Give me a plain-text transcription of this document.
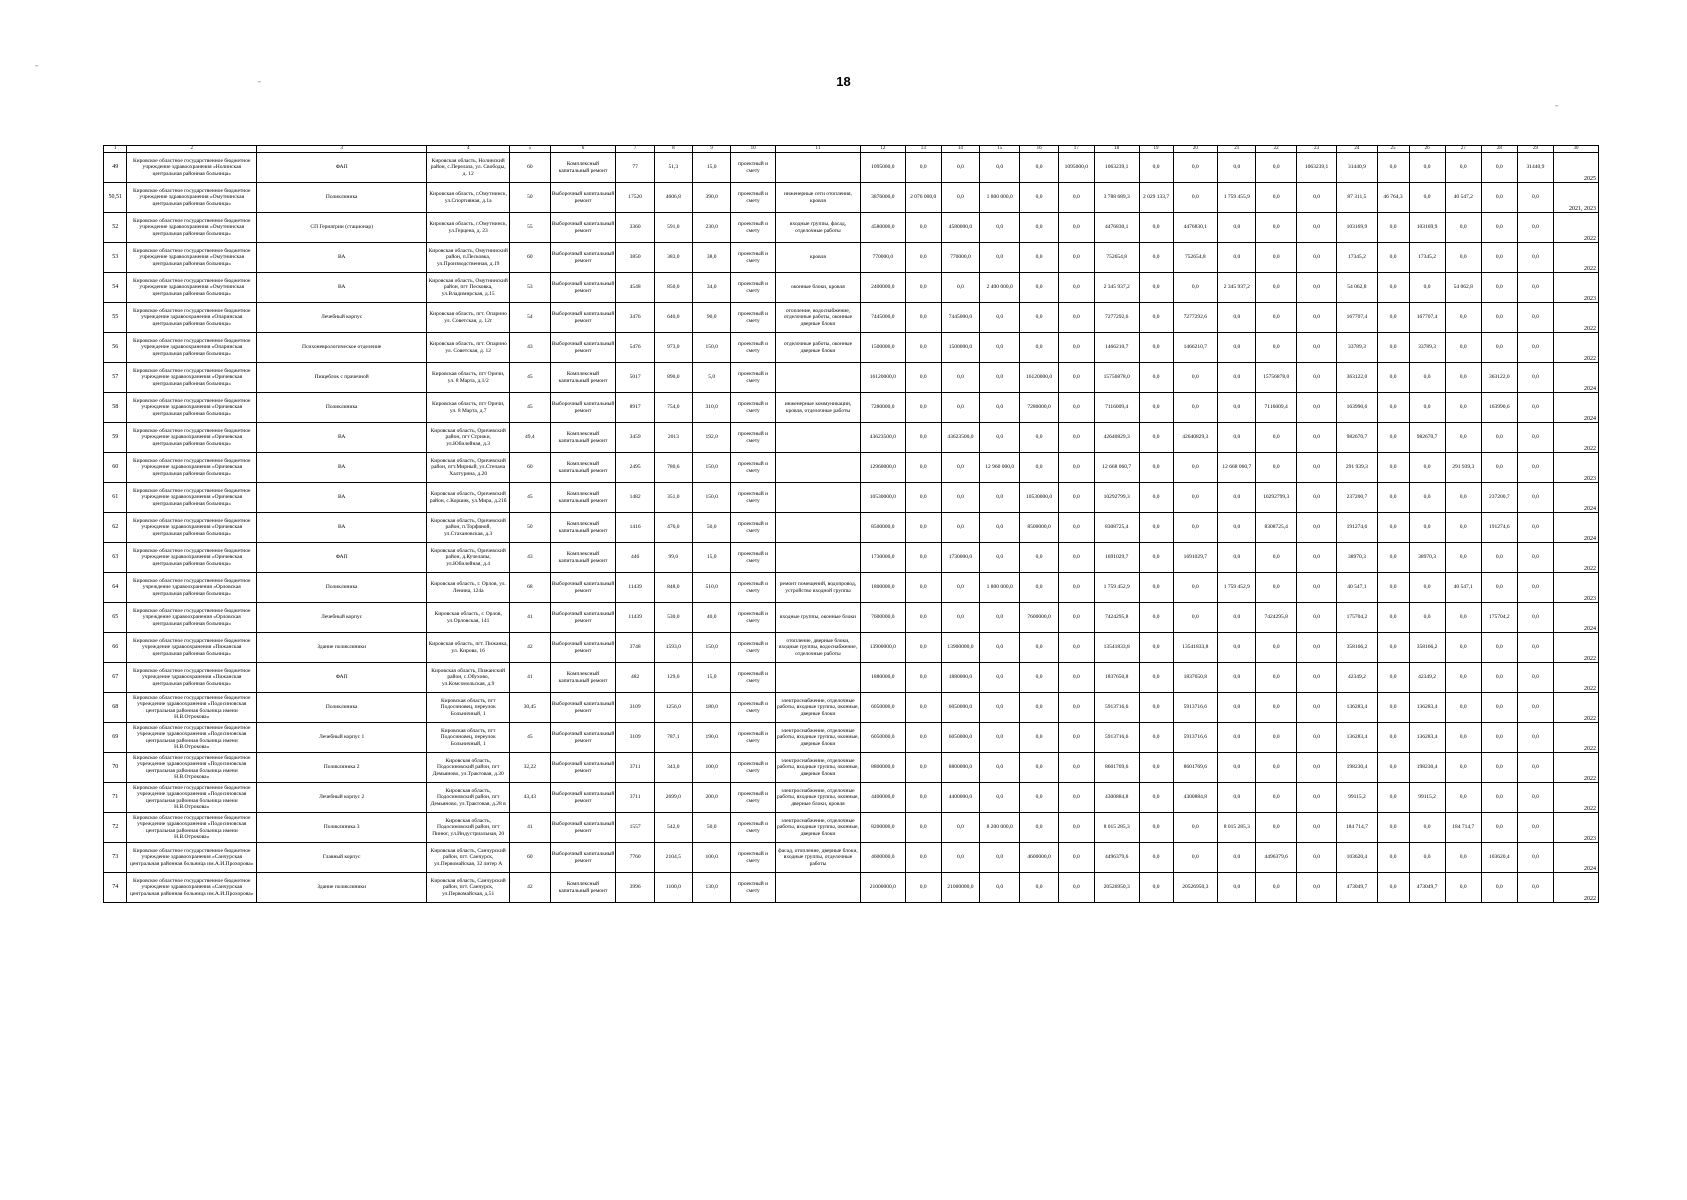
18
-
-
-
1	2	3	4	5	6	7	8	9	10	11	12	13	14	15	16	17	18	19	20	21	22	23	24	25	26	27	28	29	30
49	Кировское областное государственное бюджетное учреждение здравоохранения «Нолинская центральная районная больница»	ФАП	Кировская область, Нолинский район, с.Перелаза, ул. Свободы, д. 12	60	Комплексный капитальный ремонт	77	51,3	15,0	проектный и смету		1095000,0	0,0	0,0	0,0	0,0	1095000,0	1063239,1	0,0	0,0	0,0	0,0	1063239,1	31440,9	0,0	0,0	0,0	0,0	31440,9	2025
50,51	Кировское областное государственное бюджетное учреждение здравоохранения «Омутнинская центральная районная больница»	Поликлиника	Кировская область, г.Омутнинск, ул.Спортивная, д.1а	50	Выборочный капитальный ремонт	17520	4606,8	390,0	проектный и смету	инженерные сети отопления, кровля	3876000,0	2 076 000,0	0,0	1 800 000,0	0,0	0,0	3 788 689,3	2 029 133,7	0,0	1 759 455,9	0,0	0,0	87 311,5	46 764,3	0,0	40 547,2	0,0	0,0	2021, 2023
52	Кировское областное государственное бюджетное учреждение здравоохранения «Омутнинская центральная районная больница»	СП Гериатрии (стационар)	Кировская область, г.Омутнинск, ул.Герцена, д. 23	55	Выборочный капитальный ремонт	3360	591,0	230,0	проектный и смету	входные группы, фасад, отделочные работы	4580000,0	0,0	4580000,0	0,0	0,0	0,0	4476830,1	0,0	4476830,1	0,0	0,0	0,0	103169,9	0,0	103169,9	0,0	0,0	0,0	2022
53	Кировское областное государственное бюджетное учреждение здравоохранения «Омутнинская центральная районная больница»	ВА	Кировская область, Омутнинский район, п.Песковка, ул.Производственная, д.19	60	Выборочный капитальный ремонт	3850	383,0	38,0	проектный и смету	кровля	770000,0	0,0	770000,0	0,0	0,0	0,0	752654,8	0,0	752654,8	0,0	0,0	0,0	17345,2	0,0	17345,2	0,0	0,0	0,0	2022
54	Кировское областное государственное бюджетное учреждение здравоохранения «Омутнинская центральная районная больница»	ВА	Кировская область, Омутнинский район, пгт Песковка, ул.Владимирская, д.15	53	Выборочный капитальный ремонт	4548	850,0	34,0	проектный и смету	оконные блоки, кровля	2400000,0	0,0	0,0	2 400 000,0	0,0	0,0	2 345 937,2	0,0	0,0	2 345 937,2	0,0	0,0	54 062,8	0,0	0,0	54 062,8	0,0	0,0	2023
55	Кировское областное государственное бюджетное учреждение здравоохранения «Опаринская центральная районная больница»	Лечебный корпус	Кировская область, пгт. Опарино ул. Советская, д. 12г	54	Выборочный капитальный ремонт	3476	640,0	90,0	проектный и смету	отопление, водоснабжение, отделочные работы, оконные дверные блоки	7445000,0	0,0	7445000,0	0,0	0,0	0,0	7277292,6	0,0	7277292,6	0,0	0,0	0,0	167707,4	0,0	167707,4	0,0	0,0	0,0	2022
56	Кировское областное государственное бюджетное учреждение здравоохранения «Опаринская центральная районная больница»	Психоневрологическое отделение	Кировская область, пгт. Опарино ул. Советская, д. 12	43	Выборочный капитальный ремонт	5476	973,0	150,0	проектный и смету	отделочные работы, оконные дверные блоки	1500000,0	0,0	1500000,0	0,0	0,0	0,0	1466210,7	0,0	1466210,7	0,0	0,0	0,0	33789,3	0,0	33789,3	0,0	0,0	0,0	2022
57	Кировское областное государственное бюджетное учреждение здравоохранения «Оричевская центральная районная больница»	Пищеблок с прачечной	Кировская область, пгт Оричи, ул. 8 Марта, д.1/2	45	Комплексный капитальный ремонт	5017	890,0	5,0	проектный и смету		16120000,0	0,0	0,0	0,0	16120000,0	0,0	15756878,0	0,0	0,0	0,0	15756878,0	0,0	363122,0	0,0	0,0	0,0	363122,0	0,0	2024
58	Кировское областное государственное бюджетное учреждение здравоохранения «Оричевская центральная районная больница»	Поликлиника	Кировская область, пгт Оричи, ул. 8 Марта, д.7	45	Выборочный капитальный ремонт	8917	754,0	310,0	проектный и смету	инженерные коммуникации, кровля, отделочные работы	7280000,0	0,0	0,0	0,0	7280000,0	0,0	7116009,4	0,0	0,0	0,0	7116009,4	0,0	163990,6	0,0	0,0	0,0	163990,6	0,0	2024
59	Кировское областное государственное бюджетное учреждение здравоохранения «Оричевская центральная районная больница»	ВА	Кировская область, Оричевский район, пгт Стрижи, ул.Юбилейная, д.3	49,4	Комплексный капитальный ремонт	3459	2013	192,0	проектный и смету		43623500,0	0,0	43623500,0	0,0	0,0	0,0	42640829,3	0,0	42640829,3	0,0	0,0	0,0	982670,7	0,0	982670,7	0,0	0,0	0,0	2022
60	Кировское областное государственное бюджетное учреждение здравоохранения «Оричевская центральная районная больница»	ВА	Кировская область, Оричевский район, пгт.Мирный, ул.Степана Халтурина, д.20	60	Комплексный капитальный ремонт	2495	780,6	150,0	проектный и смету		12960000,0	0,0	0,0	12 960 000,0	0,0	0,0	12 668 060,7	0,0	0,0	12 668 060,7	0,0	0,0	291 939,3	0,0	0,0	291 939,3	0,0	0,0	2023
61	Кировское областное государственное бюджетное учреждение здравоохранения «Оричевская центральная районная больница»	ВА	Кировская область, Оричевский район, с.Коршик, ул.Мира, д.21б	45	Комплексный капитальный ремонт	1482	351,0	150,0	проектный и смету		10530000,0	0,0	0,0	0,0	10530000,0	0,0	10292799,3	0,0	0,0	0,0	10292799,3	0,0	237200,7	0,0	0,0	0,0	237200,7	0,0	2024
62	Кировское областное государственное бюджетное учреждение здравоохранения «Оричевская центральная районная больница»	ВА	Кировская область, Оричевский район, п.Торфяной, ул.Стахановская, д.3	50	Комплексный капитальный ремонт	1416	476,0	50,0	проектный и смету		8500000,0	0,0	0,0	0,0	8500000,0	0,0	8308725,4	0,0	0,0	0,0	8308725,4	0,0	191274,6	0,0	0,0	0,0	191274,6	0,0	2024
63	Кировское областное государственное бюджетное учреждение здравоохранения «Оричевская центральная районная больница»	ФАП	Кировская область, Оричевский район, д.Кучелапы, ул.Юбилейная, д.4	43	Комплексный капитальный ремонт	446	99,0	15,0	проектный и смету		1730000,0	0,0	1730000,0	0,0	0,0	0,0	1691029,7	0,0	1691029,7	0,0	0,0	0,0	38970,3	0,0	38970,3	0,0	0,0	0,0	2022
64	Кировское областное государственное бюджетное учреждение здравоохранения «Орловская центральная районная больница»	Поликлиника	Кировская область, г. Орлов, ул. Ленина, 124а	68	Выборочный капитальный ремонт	11439	848,0	510,0	проектный и смету	ремонт помещений, водопровод, устройство входной группы	1800000,0	0,0	0,0	1 800 000,0	0,0	0,0	1 759 452,9	0,0	0,0	1 759 452,9	0,0	0,0	40 547,1	0,0	0,0	40 547,1	0,0	0,0	2023
65	Кировское областное государственное бюджетное учреждение здравоохранения «Орловская центральная районная больница»	Лечебный корпус	Кировская область, г. Орлов, ул.Орловская, 141	41	Выборочный капитальный ремонт	11439	530,0	40,0	проектный и смету	входные группы, оконные блоки	7600000,0	0,0	0,0	0,0	7600000,0	0,0	7424295,8	0,0	0,0	0,0	7424295,8	0,0	175704,2	0,0	0,0	0,0	175704,2	0,0	2024
66	Кировское областное государственное бюджетное учреждение здравоохранения «Пижанская центральная районная больница»	Здание поликлиники	Кировская область, пгт. Пижанка, ул. Кирова, 16	42	Выборочный капитальный ремонт	3748	1593,0	150,0	проектный и смету	отопление, дверные блоки, входные группы, водоснабжение, отделочные работы	13900000,0	0,0	13900000,0	0,0	0,0	0,0	13541833,8	0,0	13541833,8	0,0	0,0	0,0	358166,2	0,0	358166,2	0,0	0,0	0,0	2022
67	Кировское областное государственное бюджетное учреждение здравоохранения «Пижанская центральная районная больница»	ФАП	Кировская область, Пижанский район, с.Обухово, ул.Комсомольская, д.9	41	Комплексный капитальный ремонт	482	129,0	15,0	проектный и смету		1880000,0	0,0	1880000,0	0,0	0,0	0,0	1837650,8	0,0	1837650,8	0,0	0,0	0,0	42349,2	0,0	42349,2	0,0	0,0	0,0	2022
68	Кировское областное государственное бюджетное учреждение здравоохранения «Подосиновская центральная районная больница имени Н.В.Отрокова»	Поликлиника	Кировская область, пгт Подосиновец, переулок Больничный, 1	30,45	Выборочный капитальный ремонт	3109	1256,0	180,0	проектный и смету	электроснабжение, отделочные работы, входные группы, оконные, дверные блоки	6050000,0	0,0	6050000,0	0,0	0,0	0,0	5913716,6	0,0	5913716,6	0,0	0,0	0,0	136283,4	0,0	136283,4	0,0	0,0	0,0	2022
69	Кировское областное государственное бюджетное учреждение здравоохранения «Подосиновская центральная районная больница имени Н.В.Отрокова»	Лечебный корпус 1	Кировская область, пгт Подосиновец, переулок Больничный, 1	45	Выборочный капитальный ремонт	3109	787,1	190,0	проектный и смету	электроснабжение, отделочные работы, входные группы, оконные, дверные блоки	6050000,0	0,0	6050000,0	0,0	0,0	0,0	5913716,6	0,0	5913716,6	0,0	0,0	0,0	136283,4	0,0	136283,4	0,0	0,0	0,0	2022
70	Кировское областное государственное бюджетное учреждение здравоохранения «Подосиновская центральная районная больница имени Н.В.Отрокова»	Поликлиника 2	Кировская область, Подосиновский район, пгт Демьяново, ул.Трактовая, д.30	32,22	Выборочный капитальный ремонт	3711	343,0	100,0	проектный и смету	электроснабжение, отделочные работы, входные группы, оконные, дверные блоки	8800000,0	0,0	8800000,0	0,0	0,0	0,0	8601769,6	0,0	8601769,6	0,0	0,0	0,0	198230,4	0,0	198230,4	0,0	0,0	0,0	2022
71	Кировское областное государственное бюджетное учреждение здравоохранения «Подосиновская центральная районная больница имени Н.В.Отрокова»	Лечебный корпус 2	Кировская область, Подосиновский район, пгт Демьяново, ул.Трактовая, д.28 в	43,43	Выборочный капитальный ремонт	3711	2699,0	200,0	проектный и смету	электроснабжение, отделочные работы, входные группы, оконные, дверные блоки, кровля	4400000,0	0,0	4400000,0	0,0	0,0	0,0	4300884,8	0,0	4300884,8	0,0	0,0	0,0	99115,2	0,0	99115,2	0,0	0,0	0,0	2022
72	Кировское областное государственное бюджетное учреждение здравоохранения «Подосиновская центральная районная больница имени Н.В.Отрокова»	Поликлиника 3	Кировская область, Подосиновский район, пгт Пинюг, ул.Индустриальная, 20	41	Выборочный капитальный ремонт	1557	542,0	50,0	проектный и смету	электроснабжение, отделочные работы, входные группы, оконные, дверные блоки	8200000,0	0,0	0,0	8 200 000,0	0,0	0,0	8 015 285,3	0,0	0,0	8 015 285,3	0,0	0,0	184 714,7	0,0	0,0	184 714,7	0,0	0,0	2023
73	Кировское областное государственное бюджетное учреждение здравоохранения «Санчурская центральная районная больница им.А.И.Прохорова»	Главный корпус	Кировская область, Санчурский район, пгт. Санчурск, ул.Первомайская, 32 литер А	60	Выборочный капитальный ремонт	7760	2104,5	100,0	проектный и смету	фасад, отопление, дверные блоки, входные группы, отделочные работы	4600000,0	0,0	0,0	0,0	4600000,0	0,0	4496379,6	0,0	0,0	0,0	4496379,6	0,0	103620,4	0,0	0,0	0,0	103620,4	0,0	2024
74	Кировское областное государственное бюджетное учреждение здравоохранения «Санчурская центральная районная больница им.А.И.Прохорова»	Здание поликлиники	Кировская область, Санчурский район, пгт. Санчурск, ул.Первомайская, д.51	42	Комплексный капитальный ремонт	3996	1100,0	130,0	проектный и смету		21000000,0	0,0	21000000,0	0,0	0,0	0,0	20526950,3	0,0	20526950,3	0,0	0,0	0,0	473049,7	0,0	473049,7	0,0	0,0	0,0	2022
